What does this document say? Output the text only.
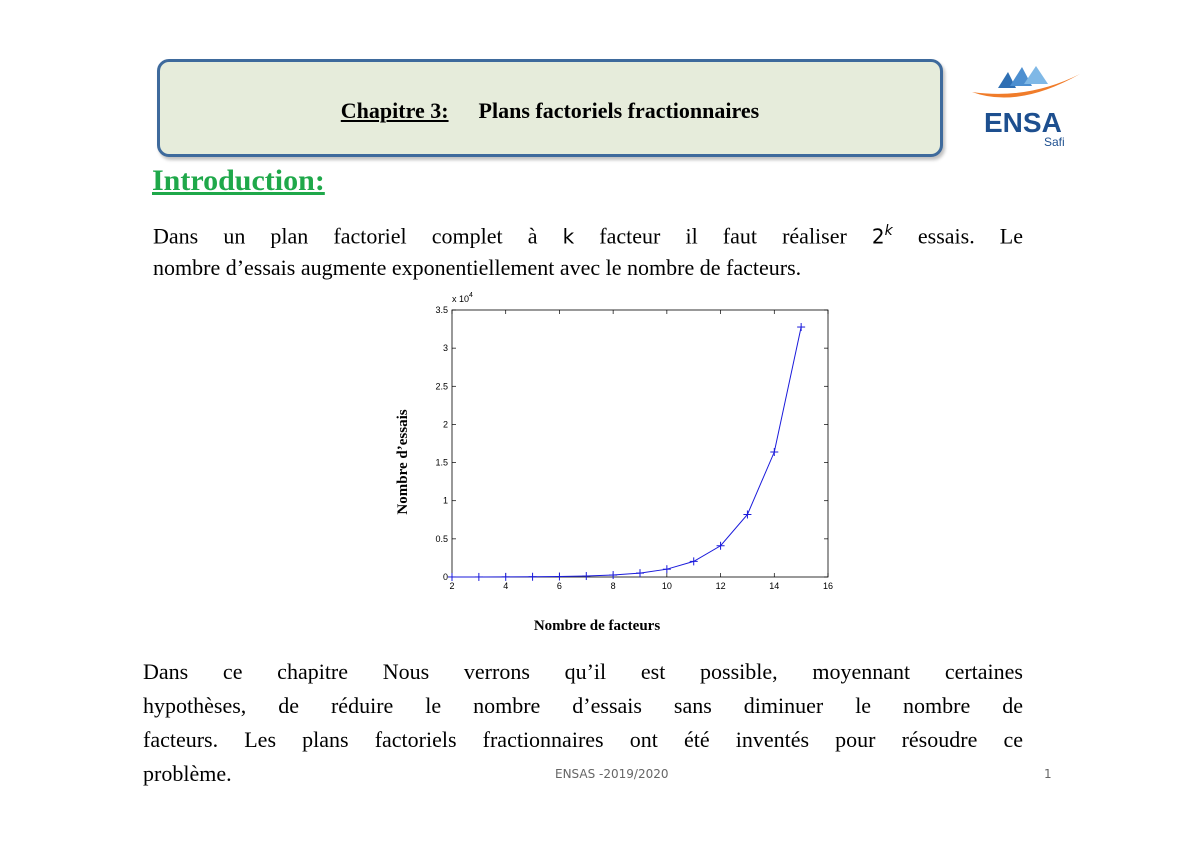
Chapitre 3: Plans factoriels fractionnaires	ENSA
Safi
Introduction:
Dans un plan factoriel complet à k facteur il faut réaliser 2$^k$ essais. Le
nombre d’essais augmente exponentiellement avec le nombre de facteurs.
2	4	6	8	10	12	14	16
0
0.5
1
1.5
2
2.5
3
3.5
x $10^4$
Nombre de facteurs
Nombre d’essais
Dans ce chapitre Nous verrons qu’il est possible, moyennant certaines
hypothèses, de réduire le nombre d’essais sans diminuer le nombre de
facteurs. Les plans factoriels fractionnaires ont été inventés pour résoudre ce
problème.	ENSAS -2019/2020	1
